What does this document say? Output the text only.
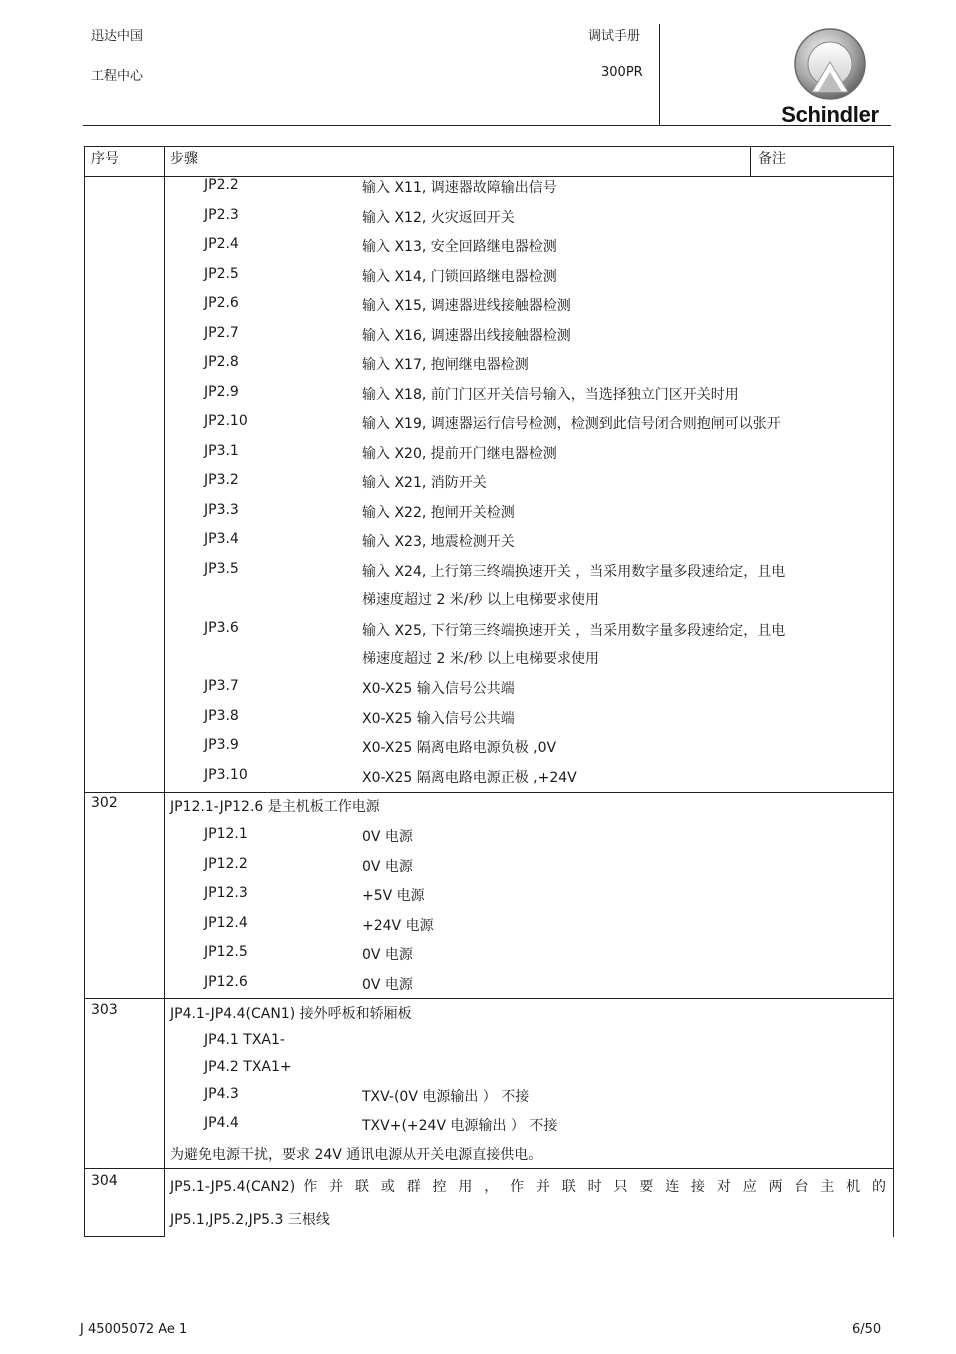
迅达中国
工程中心
调试手册
300PR
Schindler
序号	步骤	备注
JP2.2	输入 X11, 调速器故障输出信号
JP2.3	输入 X12, 火灾返回开关
JP2.4	输入 X13, 安全回路继电器检测
JP2.5	输入 X14, 门锁回路继电器检测
JP2.6	输入 X15, 调速器进线接触器检测
JP2.7	输入 X16, 调速器出线接触器检测
JP2.8	输入 X17, 抱闸继电器检测
JP2.9	输入 X18, 前门门区开关信号输入，当选择独立门区开关时用
JP2.10	输入 X19, 调速器运行信号检测，检测到此信号闭合则抱闸可以张开
JP3.1	输入 X20, 提前开门继电器检测
JP3.2	输入 X21, 消防开关
JP3.3	输入 X22, 抱闸开关检测
JP3.4	输入 X23, 地震检测开关
JP3.5	输入 X24, 上行第三终端换速开关 ，当采用数字量多段速给定，且电
梯速度超过 2 米/秒 以上电梯要求使用
JP3.6	输入 X25, 下行第三终端换速开关 ，当采用数字量多段速给定，且电
梯速度超过 2 米/秒 以上电梯要求使用
JP3.7	X0-X25 输入信号公共端
JP3.8	X0-X25 输入信号公共端
JP3.9	X0-X25 隔离电路电源负极 ,0V
JP3.10	X0-X25 隔离电路电源正极 ,+24V
302	JP12.1-JP12.6 是主机板工作电源
JP12.1	0V 电源
JP12.2	0V 电源
JP12.3	+5V 电源
JP12.4	+24V 电源
JP12.5	0V 电源
JP12.6	0V 电源
303	JP4.1-JP4.4(CAN1) 接外呼板和轿厢板
JP4.1 TXA1-
JP4.2 TXA1+
JP4.3	TXV-(0V 电源输出 ） 不接
JP4.4	TXV+(+24V 电源输出 ） 不接
为避免电源干扰，要求 24V 通讯电源从开关电源直接供电。
304	JP5.1-JP5.4(CAN2) 作 并 联 或 群 控 用 ， 作 并 联 时 只 要 连 接 对 应 两 台 主 机 的
JP5.1,JP5.2,JP5.3 三根线
J 45005072 Ae 1	6/50
